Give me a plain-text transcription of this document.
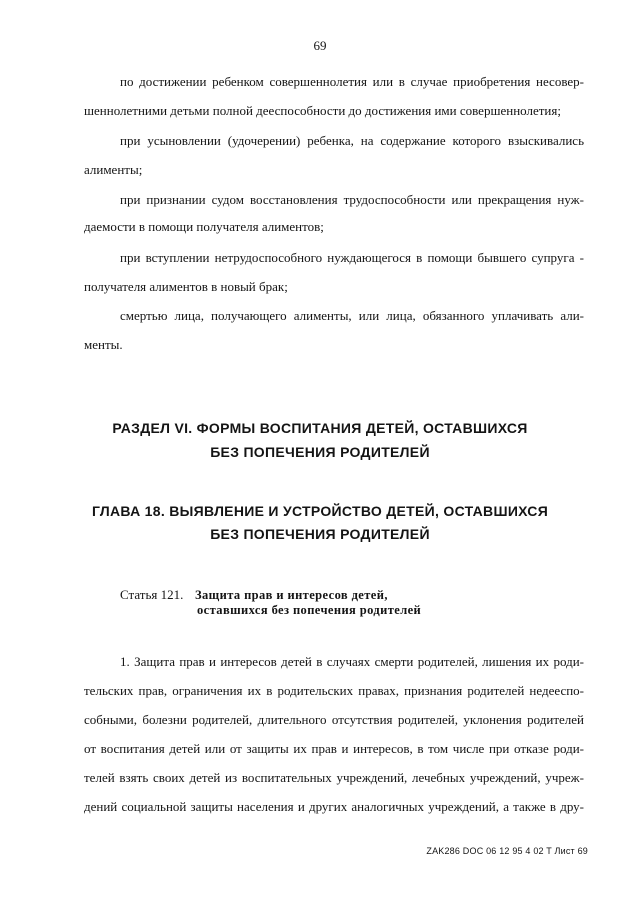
69
по достижении ребенком совершеннолетия или в случае приобретения несовер-
шеннолетними детьми полной дееспособности до достижения ими совершеннолетия;
при усыновлении (удочерении) ребенка, на содержание которого взыскивались
алименты;
при признании судом восстановления трудоспособности или прекращения нуж-
даемости в помощи получателя алиментов;
при вступлении нетрудоспособного нуждающегося в помощи бывшего супруга -
получателя алиментов в новый брак;
смертью лица, получающего алименты, или лица, обязанного уплачивать али-
менты.
РАЗДЕЛ VI. ФОРМЫ ВОСПИТАНИЯ ДЕТЕЙ, ОСТАВШИХСЯ
БЕЗ ПОПЕЧЕНИЯ РОДИТЕЛЕЙ
ГЛАВА 18. ВЫЯВЛЕНИЕ И УСТРОЙСТВО ДЕТЕЙ, ОСТАВШИХСЯ
БЕЗ ПОПЕЧЕНИЯ РОДИТЕЛЕЙ
Статья 121. Защита прав и интересов детей,
оставшихся без попечения родителей
1. Защита прав и интересов детей в случаях смерти родителей, лишения их роди-
тельских прав, ограничения их в родительских правах, признания родителей недееспо-
собными, болезни родителей, длительного отсутствия родителей, уклонения родителей
от воспитания детей или от защиты их прав и интересов, в том числе при отказе роди-
телей взять своих детей из воспитательных учреждений, лечебных учреждений, учреж-
дений социальной защиты населения и других аналогичных учреждений, а также в дру-
ZAK286 DOC 06 12 95 4 02 T Лист 69
